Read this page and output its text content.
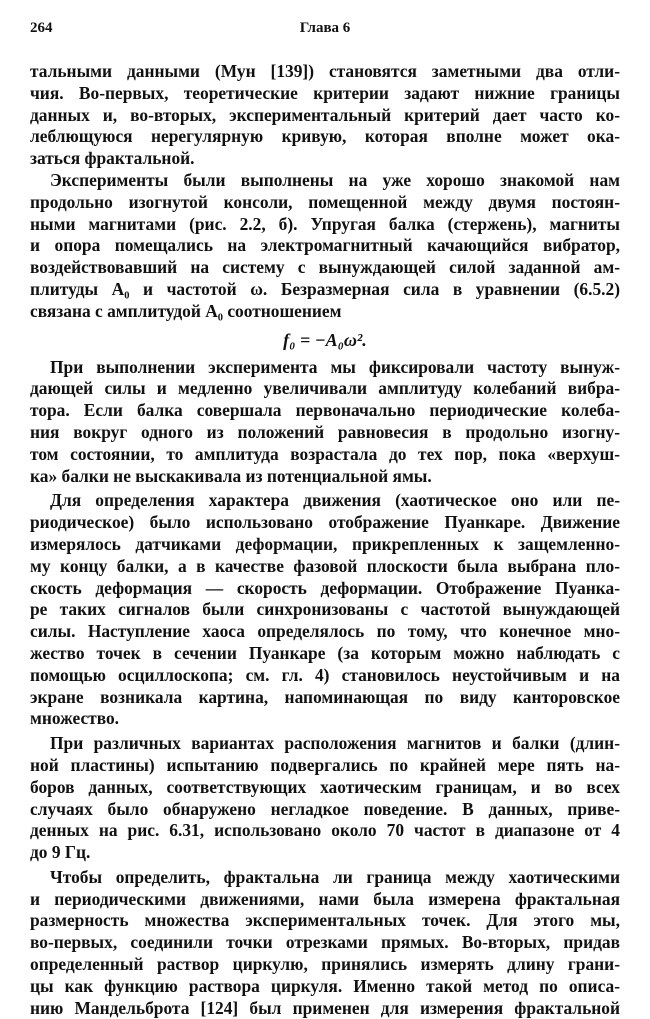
264	Глава 6
тальными данными (Мун [139]) становятся заметными два отли-
чия. Во-первых, теоретические критерии задают нижние границы
данных и, во-вторых, экспериментальный критерий дает часто ко-
леблющуюся нерегулярную кривую, которая вполне может ока-
заться фрактальной.
Эксперименты были выполнены на уже хорошо знакомой нам
продольно изогнутой консоли, помещенной между двумя постоян-
ными магнитами (рис. 2.2, б). Упругая балка (стержень), магниты
и опора помещались на электромагнитный качающийся вибратор,
воздействовавший на систему с вынуждающей силой заданной ам-
плитуды A₀ и частотой ω. Безразмерная сила в уравнении (6.5.2)
связана с амплитудой A₀ соотношением
f₀ = −A₀ω².
При выполнении эксперимента мы фиксировали частоту вынуж-
дающей силы и медленно увеличивали амплитуду колебаний вибра-
тора. Если балка совершала первоначально периодические колеба-
ния вокруг одного из положений равновесия в продольно изогну-
том состоянии, то амплитуда возрастала до тех пор, пока «верхуш-
ка» балки не выскакивала из потенциальной ямы.
Для определения характера движения (хаотическое оно или пе-
риодическое) было использовано отображение Пуанкаре. Движение
измерялось датчиками деформации, прикрепленных к защемленно-
му концу балки, а в качестве фазовой плоскости была выбрана пло-
скость деформация — скорость деформации. Отображение Пуанка-
ре таких сигналов были синхронизованы с частотой вынуждающей
силы. Наступление хаоса определялось по тому, что конечное мно-
жество точек в сечении Пуанкаре (за которым можно наблюдать с
помощью осциллоскопа; см. гл. 4) становилось неустойчивым и на
экране возникала картина, напоминающая по виду канторовское
множество.
При различных вариантах расположения магнитов и балки (длин-
ной пластины) испытанию подвергались по крайней мере пять на-
боров данных, соответствующих хаотическим границам, и во всех
случаях было обнаружено негладкое поведение. В данных, приве-
денных на рис. 6.31, использовано около 70 частот в диапазоне от 4
до 9 Гц.
Чтобы определить, фрактальна ли граница между хаотическими
и периодическими движениями, нами была измерена фрактальная
размерность множества экспериментальных точек. Для этого мы,
во-первых, соединили точки отрезками прямых. Во-вторых, придав
определенный раствор циркулю, принялись измерять длину грани-
цы как функцию раствора циркуля. Именно такой метод по описа-
нию Мандельброта [124] был применен для измерения фрактальной
